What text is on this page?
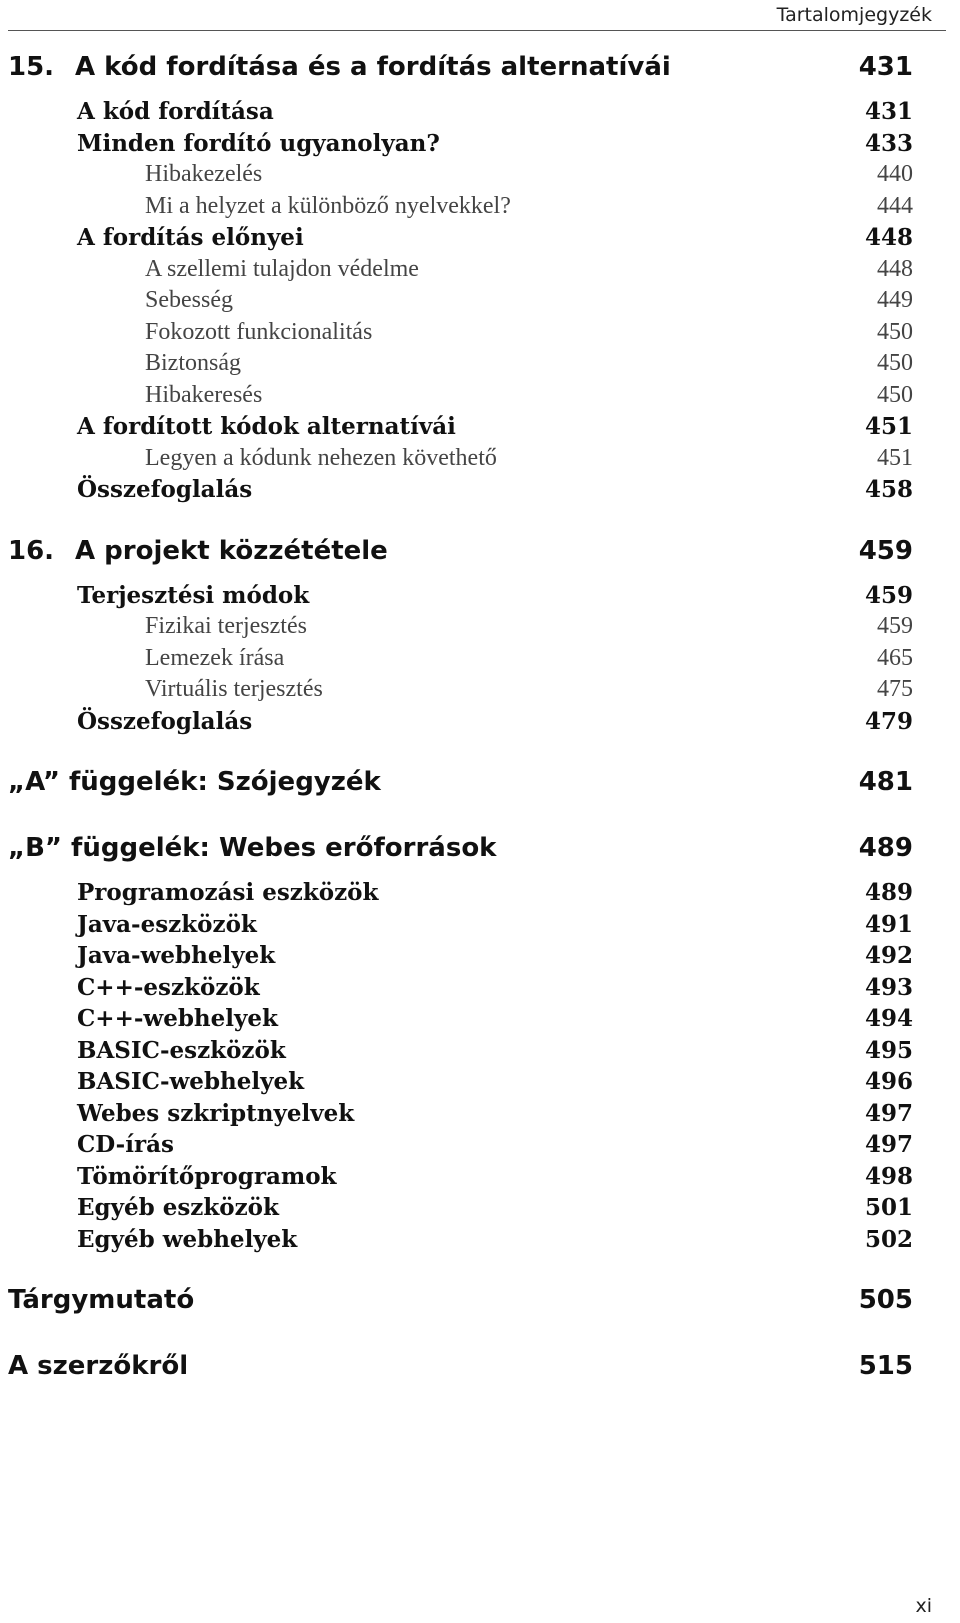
Tartalomjegyzék
15. A kód fordítása és a fordítás alternatívái	431
A kód fordítása	431
Minden fordító ugyanolyan?	433
Hibakezelés	440
Mi a helyzet a különböző nyelvekkel?	444
A fordítás előnyei	448
A szellemi tulajdon védelme	448
Sebesség	449
Fokozott funkcionalitás	450
Biztonság	450
Hibakeresés	450
A fordított kódok alternatívái	451
Legyen a kódunk nehezen követhető	451
Összefoglalás	458
16. A projekt közzététele	459
Terjesztési módok	459
Fizikai terjesztés	459
Lemezek írása	465
Virtuális terjesztés	475
Összefoglalás	479
„A” függelék: Szójegyzék	481
„B” függelék: Webes erőforrások	489
Programozási eszközök	489
Java-eszközök	491
Java-webhelyek	492
C++-eszközök	493
C++-webhelyek	494
BASIC-eszközök	495
BASIC-webhelyek	496
Webes szkriptnyelvek	497
CD-írás	497
Tömörítőprogramok	498
Egyéb eszközök	501
Egyéb webhelyek	502
Tárgymutató	505
A szerzőkről	515
xi
